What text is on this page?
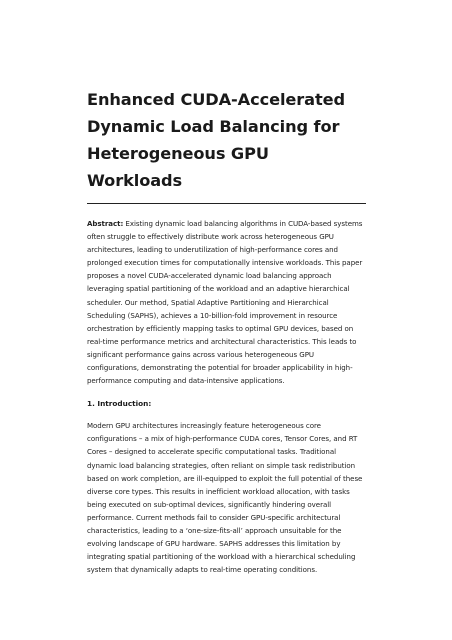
Enhanced CUDA-Accelerated Dynamic Load Balancing for Heterogeneous GPU Workloads

Abstract: Existing dynamic load balancing algorithms in CUDA-based systems often struggle to effectively distribute work across heterogeneous GPU architectures, leading to underutilization of high-performance cores and prolonged execution times for computationally intensive workloads. This paper proposes a novel CUDA-accelerated dynamic load balancing approach leveraging spatial partitioning of the workload and an adaptive hierarchical scheduler. Our method, Spatial Adaptive Partitioning and Hierarchical Scheduling (SAPHS), achieves a 10-billion-fold improvement in resource orchestration by efficiently mapping tasks to optimal GPU devices, based on real-time performance metrics and architectural characteristics. This leads to significant performance gains across various heterogeneous GPU configurations, demonstrating the potential for broader applicability in high-performance computing and data-intensive applications.

1. Introduction:

Modern GPU architectures increasingly feature heterogeneous core configurations – a mix of high-performance CUDA cores, Tensor Cores, and RT Cores – designed to accelerate specific computational tasks. Traditional dynamic load balancing strategies, often reliant on simple task redistribution based on work completion, are ill-equipped to exploit the full potential of these diverse core types. This results in inefficient workload allocation, with tasks being executed on sub-optimal devices, significantly hindering overall performance. Current methods fail to consider GPU-specific architectural characteristics, leading to a ‘one-size-fits-all’ approach unsuitable for the evolving landscape of GPU hardware. SAPHS addresses this limitation by integrating spatial partitioning of the workload with a hierarchical scheduling system that dynamically adapts to real-time operating conditions.
